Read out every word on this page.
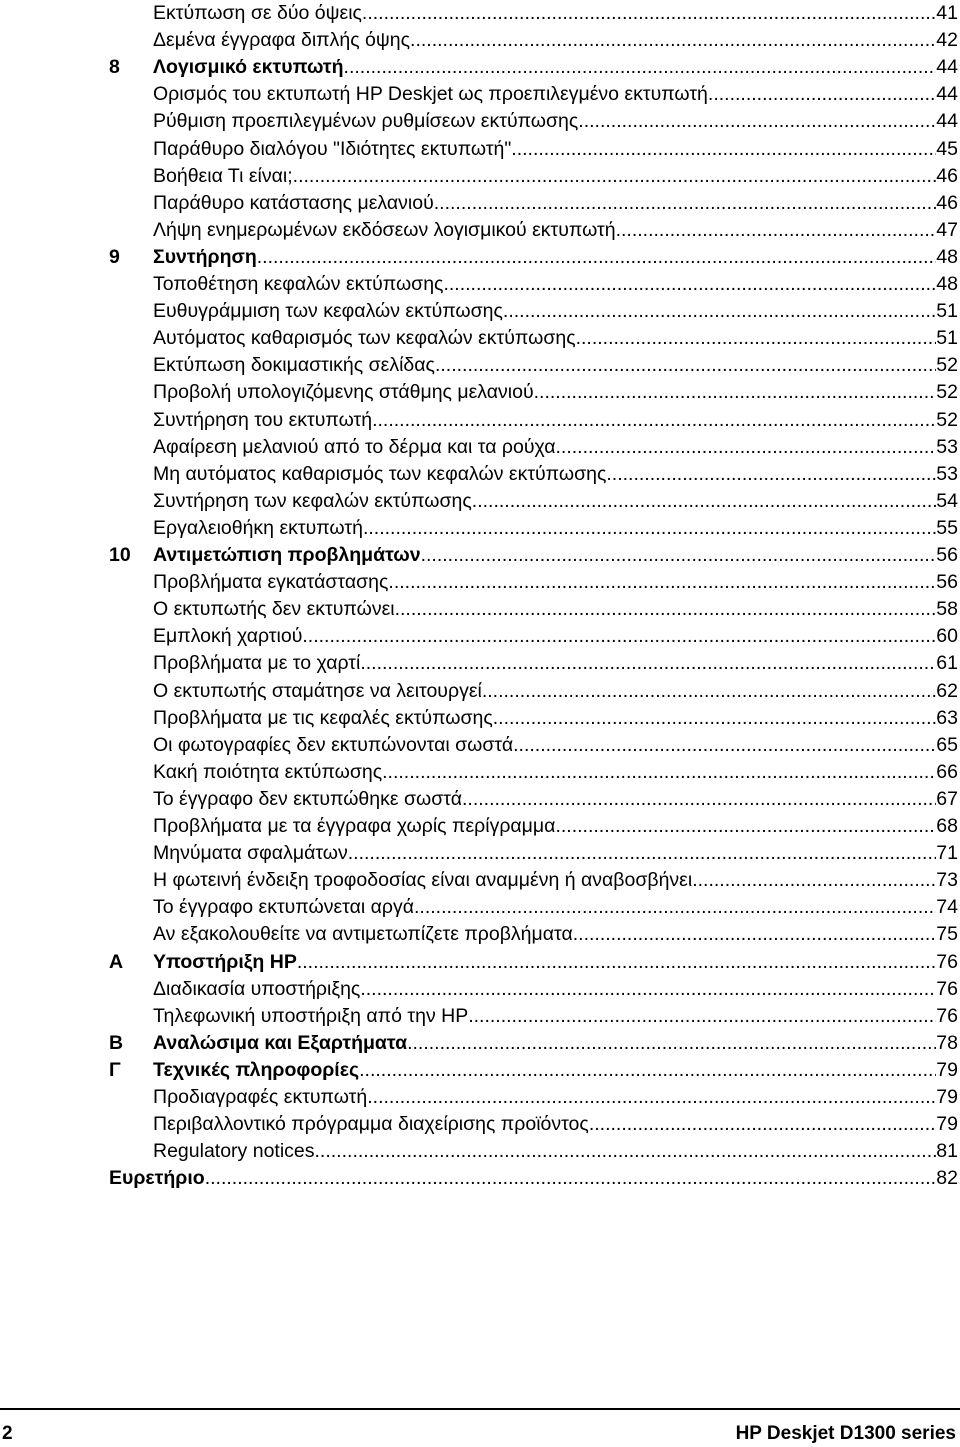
Εκτύπωση σε δύο όψεις .....	41
Δεμένα έγγραφα διπλής όψης .....	42
8 Λογισμικό εκτυπωτή .....	44
Ορισμός του εκτυπωτή HP Deskjet ως προεπιλεγμένο εκτυπωτή .....	44
Ρύθμιση προεπιλεγμένων ρυθμίσεων εκτύπωσης .....	44
Παράθυρο διαλόγου "Ιδιότητες εκτυπωτή" .....	45
Βοήθεια Τι είναι; .....	46
Παράθυρο κατάστασης μελανιού .....	46
Λήψη ενημερωμένων εκδόσεων λογισμικού εκτυπωτή .....	47
9 Συντήρηση .....	48
Τοποθέτηση κεφαλών εκτύπωσης .....	48
Ευθυγράμμιση των κεφαλών εκτύπωσης .....	51
Αυτόματος καθαρισμός των κεφαλών εκτύπωσης .....	51
Εκτύπωση δοκιμαστικής σελίδας .....	52
Προβολή υπολογιζόμενης στάθμης μελανιού .....	52
Συντήρηση του εκτυπωτή .....	52
Αφαίρεση μελανιού από το δέρμα και τα ρούχα .....	53
Μη αυτόματος καθαρισμός των κεφαλών εκτύπωσης .....	53
Συντήρηση των κεφαλών εκτύπωσης .....	54
Εργαλειοθήκη εκτυπωτή .....	55
10 Αντιμετώπιση προβλημάτων .....	56
Προβλήματα εγκατάστασης .....	56
Ο εκτυπωτής δεν εκτυπώνει .....	58
Εμπλοκή χαρτιού .....	60
Προβλήματα με το χαρτί .....	61
Ο εκτυπωτής σταμάτησε να λειτουργεί .....	62
Προβλήματα με τις κεφαλές εκτύπωσης .....	63
Οι φωτογραφίες δεν εκτυπώνονται σωστά .....	65
Κακή ποιότητα εκτύπωσης .....	66
Το έγγραφο δεν εκτυπώθηκε σωστά .....	67
Προβλήματα με τα έγγραφα χωρίς περίγραμμα .....	68
Μηνύματα σφαλμάτων .....	71
Η φωτεινή ένδειξη τροφοδοσίας είναι αναμμένη ή αναβοσβήνει .....	73
Το έγγραφο εκτυπώνεται αργά .....	74
Αν εξακολουθείτε να αντιμετωπίζετε προβλήματα .....	75
A Υποστήριξη HP .....	76
Διαδικασία υποστήριξης .....	76
Τηλεφωνική υποστήριξη από την HP .....	76
B Αναλώσιμα και Εξαρτήματα .....	78
Γ Τεχνικές πληροφορίες .....	79
Προδιαγραφές εκτυπωτή .....	79
Περιβαλλοντικό πρόγραμμα διαχείρισης προϊόντος .....	79
Regulatory notices .....	81
Ευρετήριο .....	82
2	HP Deskjet D1300 series
